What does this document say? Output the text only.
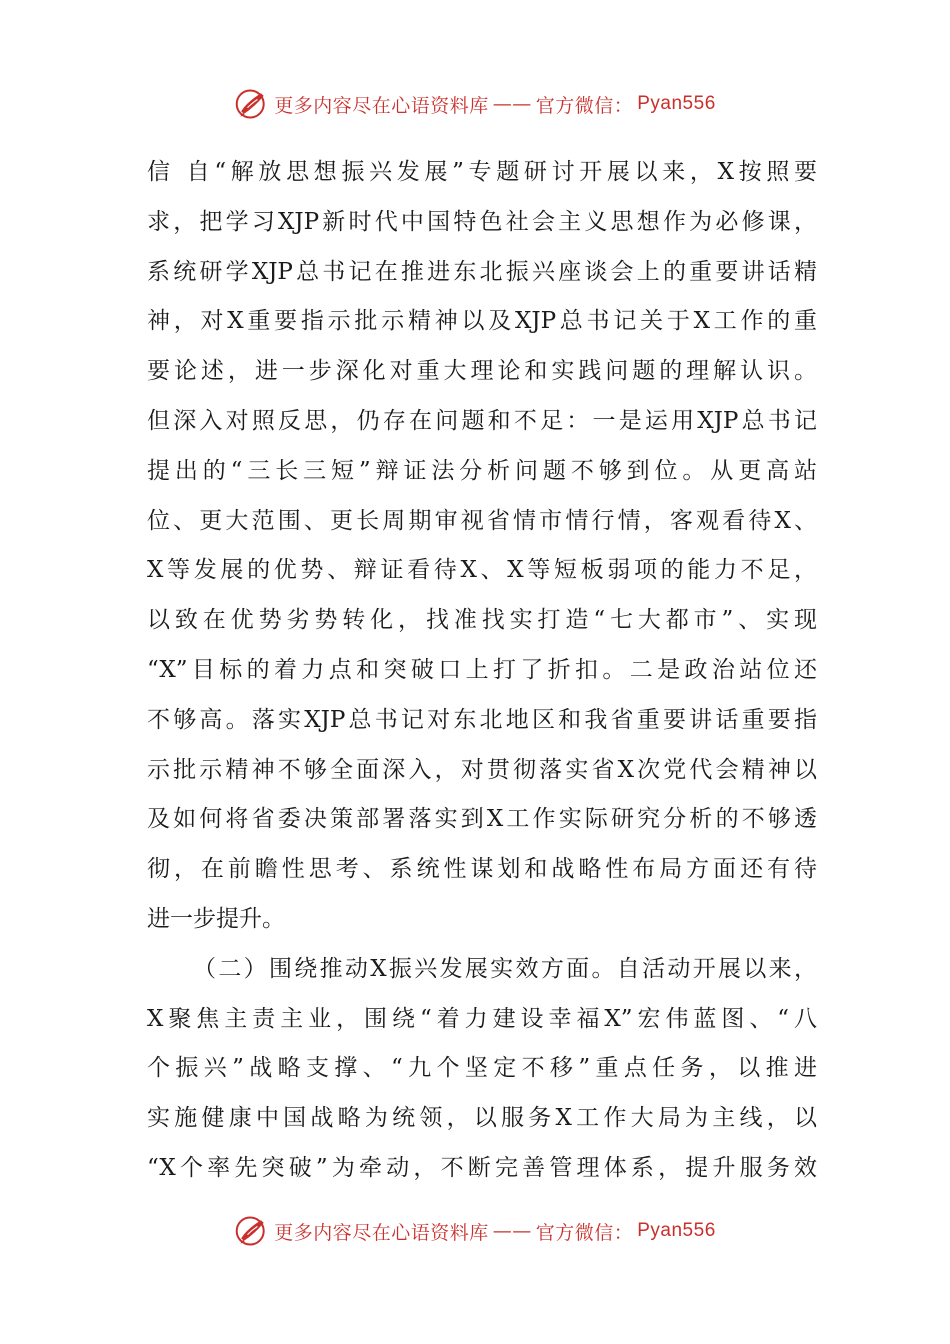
更多内容尽在心语资料库 —— 官方微信： Pyan556
信 自“解放思想振兴发展”专题研讨开展以来，X按照要
求，把学习XJP新时代中国特色社会主义思想作为必修课，
系统研学XJP总书记在推进东北振兴座谈会上的重要讲话精
神，对X重要指示批示精神以及XJP总书记关于X工作的重
要论述，进一步深化对重大理论和实践问题的理解认识。
但深入对照反思，仍存在问题和不足：一是运用XJP总书记
提出的“三长三短”辩证法分析问题不够到位。从更高站
位、更大范围、更长周期审视省情市情行情，客观看待X、
X等发展的优势、辩证看待X、X等短板弱项的能力不足，
以致在优势劣势转化，找准找实打造“七大都市”、实现
“X”目标的着力点和突破口上打了折扣。二是政治站位还
不够高。落实XJP总书记对东北地区和我省重要讲话重要指
示批示精神不够全面深入，对贯彻落实省X次党代会精神以
及如何将省委决策部署落实到X工作实际研究分析的不够透
彻，在前瞻性思考、系统性谋划和战略性布局方面还有待
进一步提升。
（二）围绕推动X振兴发展实效方面。自活动开展以来，
X聚焦主责主业，围绕“着力建设幸福X”宏伟蓝图、“八
个振兴”战略支撑、“九个坚定不移”重点任务，以推进
实施健康中国战略为统领，以服务X工作大局为主线，以
“X个率先突破”为牵动，不断完善管理体系，提升服务效
更多内容尽在心语资料库 —— 官方微信： Pyan556
